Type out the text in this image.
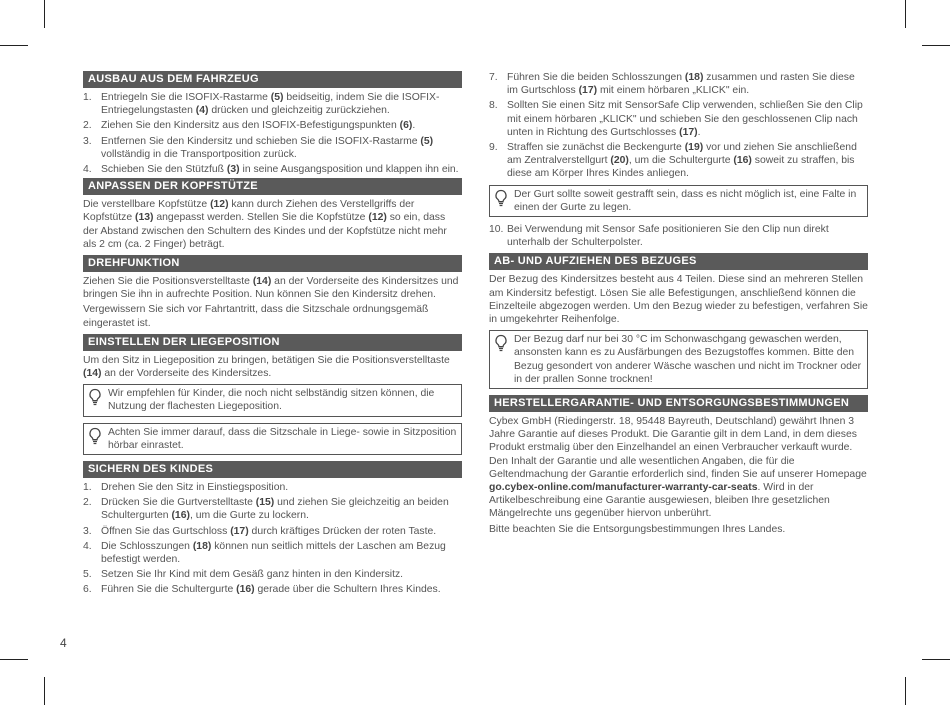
AUSBAU AUS DEM FAHRZEUG
1. Entriegeln Sie die ISOFIX-Rastarme (5) beidseitig, indem Sie die ISOFIX-Entriegelungstasten (4) drücken und gleichzeitig zurückziehen.
2. Ziehen Sie den Kindersitz aus den ISOFIX-Befestigungspunkten (6).
3. Entfernen Sie den Kindersitz und schieben Sie die ISOFIX-Rastarme (5) vollständig in die Transportposition zurück.
4. Schieben Sie den Stützfuß (3) in seine Ausgangsposition und klappen ihn ein.
ANPASSEN DER KOPFSTÜTZE

Die verstellbare Kopfstütze (12) kann durch Ziehen des Verstellgriffs der Kopfstütze (13) angepasst werden. Stellen Sie die Kopfstütze (12) so ein, dass der Abstand zwischen den Schultern des Kindes und der Kopfstütze nicht mehr als 2 cm (ca. 2 Finger) beträgt.

DREHFUNKTION

Ziehen Sie die Positionsverstelltaste (14) an der Vorderseite des Kindersitzes und bringen Sie ihn in aufrechte Position. Nun können Sie den Kindersitz drehen.

Vergewissern Sie sich vor Fahrtantritt, dass die Sitzschale ordnungsgemäß eingerastet ist.

EINSTELLEN DER LIEGEPOSITION

Um den Sitz in Liegeposition zu bringen, betätigen Sie die Positionsverstelltaste (14) an der Vorderseite des Kindersitzes.

Wir empfehlen für Kinder, die noch nicht selbständig sitzen können, die Nutzung der flachesten Liegeposition.
Achten Sie immer darauf, dass die Sitzschale in Liege- sowie in Sitzposition hörbar einrastet.
SICHERN DES KINDES
1. Drehen Sie den Sitz in Einstiegsposition.
2. Drücken Sie die Gurtverstelltaste (15) und ziehen Sie gleichzeitig an beiden Schultergurten (16), um die Gurte zu lockern.
3. Öffnen Sie das Gurtschloss (17) durch kräftiges Drücken der roten Taste.
4. Die Schlosszungen (18) können nun seitlich mittels der Laschen am Bezug befestigt werden.
5. Setzen Sie Ihr Kind mit dem Gesäß ganz hinten in den Kindersitz.
6. Führen Sie die Schultergurte (16) gerade über die Schultern Ihres Kindes.
7. Führen Sie die beiden Schlosszungen (18) zusammen und rasten Sie diese im Gurtschloss (17) mit einem hörbaren „KLICK" ein.
8. Sollten Sie einen Sitz mit SensorSafe Clip verwenden, schließen Sie den Clip mit einem hörbaren „KLICK" und schieben Sie den geschlossenen Clip nach unten in Richtung des Gurtschlosses (17).
9. Straffen sie zunächst die Beckengurte (19) vor und ziehen Sie anschließend am Zentralverstellgurt (20), um die Schultergurte (16) soweit zu straffen, bis diese am Körper Ihres Kindes anliegen.
Der Gurt sollte soweit gestrafft sein, dass es nicht möglich ist, eine Falte in einen der Gurte zu legen.
10. Bei Verwendung mit Sensor Safe positionieren Sie den Clip nun direkt unterhalb der Schulterpolster.
AB- UND AUFZIEHEN DES BEZUGES

Der Bezug des Kindersitzes besteht aus 4 Teilen. Diese sind an mehreren Stellen am Kindersitz befestigt. Lösen Sie alle Befestigungen, anschließend können die Einzelteile abgezogen werden. Um den Bezug wieder zu befestigen, verfahren Sie in umgekehrter Reihenfolge.

Der Bezug darf nur bei 30 °C im Schonwaschgang gewaschen werden, ansonsten kann es zu Ausfärbungen des Bezugstoffes kommen. Bitte den Bezug gesondert von anderer Wäsche waschen und nicht im Trockner oder in der prallen Sonne trocknen!
HERSTELLERGARANTIE- UND ENTSORGUNGSBESTIMMUNGEN

Cybex GmbH (Riedingerstr. 18, 95448 Bayreuth, Deutschland) gewährt Ihnen 3 Jahre Garantie auf dieses Produkt. Die Garantie gilt in dem Land, in dem dieses Produkt erstmalig über den Einzelhandel an einen Verbraucher verkauft wurde. Den Inhalt der Garantie und alle wesentlichen Angaben, die für die Geltendmachung der Garantie erforderlich sind, finden Sie auf unserer Homepage go.cybex-online.com/manufacturer-warranty-car-seats. Wird in der Artikelbeschreibung eine Garantie ausgewiesen, bleiben Ihre gesetzlichen Mängelrechte uns gegenüber hiervon unberührt.

Bitte beachten Sie die Entsorgungsbestimmungen Ihres Landes.

4
